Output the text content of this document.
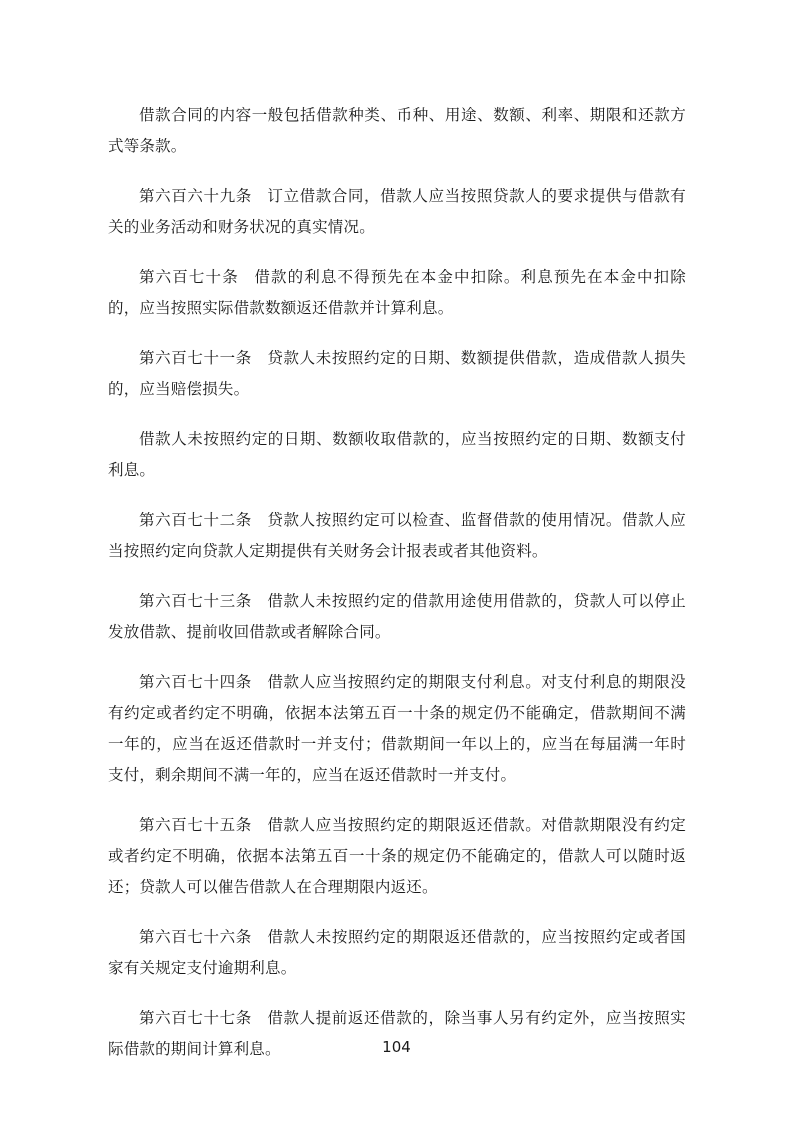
借款合同的内容一般包括借款种类、币种、用途、数额、利率、期限和还款方式等条款。

第六百六十九条 订立借款合同，借款人应当按照贷款人的要求提供与借款有关的业务活动和财务状况的真实情况。

第六百七十条 借款的利息不得预先在本金中扣除。利息预先在本金中扣除的，应当按照实际借款数额返还借款并计算利息。

第六百七十一条 贷款人未按照约定的日期、数额提供借款，造成借款人损失的，应当赔偿损失。

借款人未按照约定的日期、数额收取借款的，应当按照约定的日期、数额支付利息。

第六百七十二条 贷款人按照约定可以检查、监督借款的使用情况。借款人应当按照约定向贷款人定期提供有关财务会计报表或者其他资料。

第六百七十三条 借款人未按照约定的借款用途使用借款的，贷款人可以停止发放借款、提前收回借款或者解除合同。

第六百七十四条 借款人应当按照约定的期限支付利息。对支付利息的期限没有约定或者约定不明确，依据本法第五百一十条的规定仍不能确定，借款期间不满一年的，应当在返还借款时一并支付；借款期间一年以上的，应当在每届满一年时支付，剩余期间不满一年的，应当在返还借款时一并支付。

第六百七十五条 借款人应当按照约定的期限返还借款。对借款期限没有约定或者约定不明确，依据本法第五百一十条的规定仍不能确定的，借款人可以随时返还；贷款人可以催告借款人在合理期限内返还。

第六百七十六条 借款人未按照约定的期限返还借款的，应当按照约定或者国家有关规定支付逾期利息。

第六百七十七条 借款人提前返还借款的，除当事人另有约定外，应当按照实际借款的期间计算利息。	104
